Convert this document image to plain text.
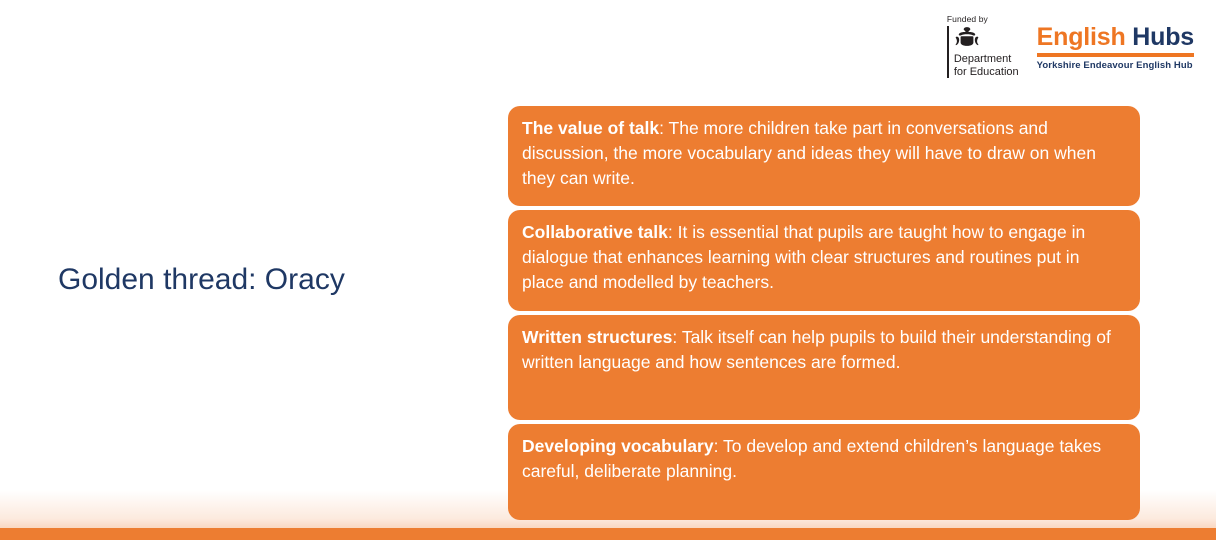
Funded by
Department
for Education
English Hubs
Yorkshire Endeavour English Hub
Golden thread: Oracy
The value of talk: The more children take part in conversations and discussion, the more vocabulary and ideas they will have to draw on when they can write.
Collaborative talk: It is essential that pupils are taught how to engage in dialogue that enhances learning with clear structures and routines put in place and modelled by teachers.
Written structures: Talk itself can help pupils to build their understanding of written language and how sentences are formed.
Developing vocabulary: To develop and extend children’s language takes careful, deliberate planning.
